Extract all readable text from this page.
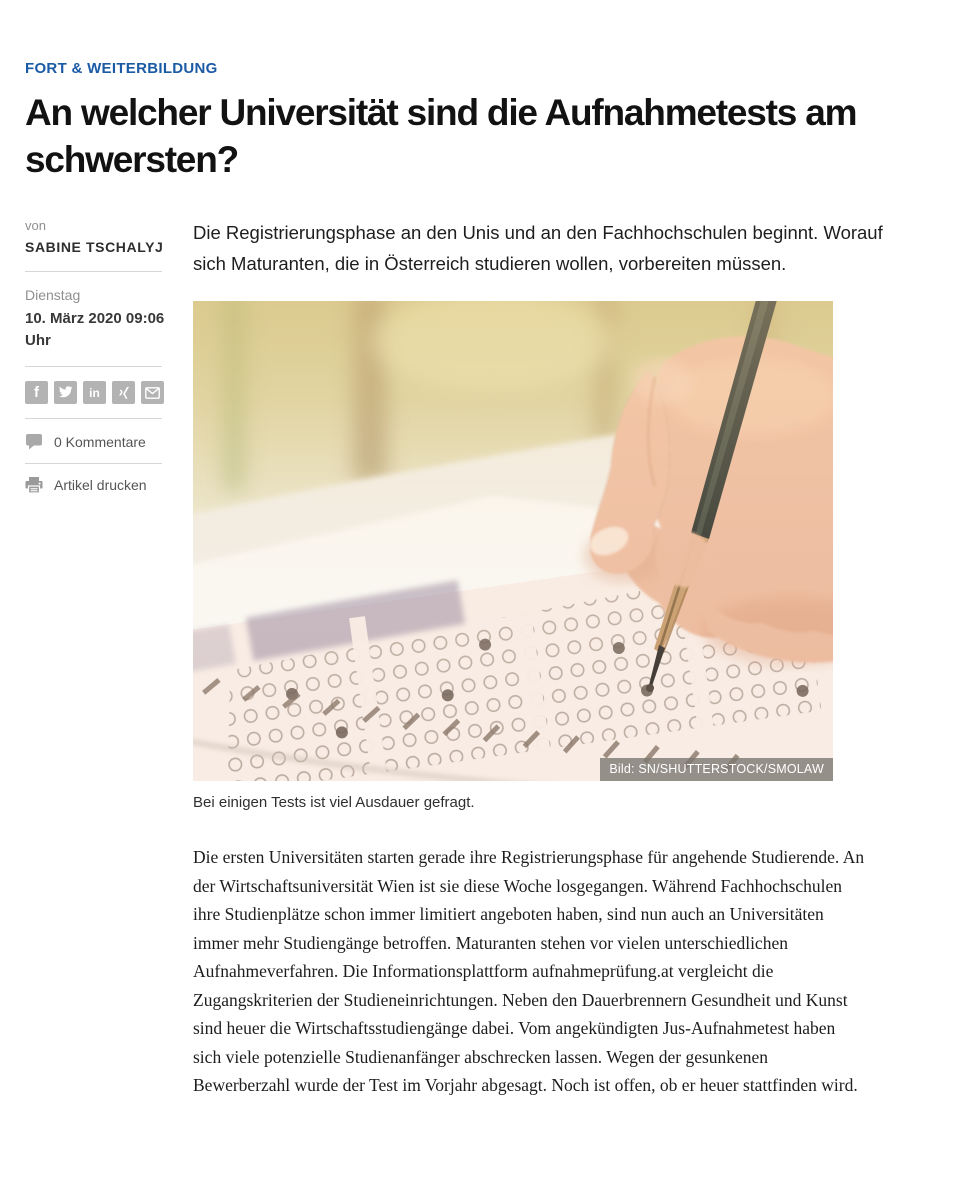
FORT & WEITERBILDUNG
An welcher Universität sind die Aufnahmetests am schwersten?
von
SABINE TSCHALYJ
Dienstag
10. März 2020 09:06 Uhr
f	in
0 Kommentare
Artikel drucken

Die Registrierungsphase an den Unis und an den Fachhochschulen beginnt. Worauf sich Maturanten, die in Österreich studieren wollen, vorbereiten müssen.

Bild: SN/SHUTTERSTOCK/SMOLAW
Bei einigen Tests ist viel Ausdauer gefragt.

Die ersten Universitäten starten gerade ihre Registrierungsphase für angehende Studierende. An der Wirtschaftsuniversität Wien ist sie diese Woche losgegangen. Während Fachhochschulen ihre Studienplätze schon immer limitiert angeboten haben, sind nun auch an Universitäten immer mehr Studiengänge betroffen. Maturanten stehen vor vielen unterschiedlichen Aufnahmeverfahren. Die Informationsplattform aufnahmeprüfung.at vergleicht die Zugangskriterien der Studieneinrichtungen. Neben den Dauerbrennern Gesundheit und Kunst sind heuer die Wirtschaftsstudiengänge dabei. Vom angekündigten Jus-Aufnahmetest haben sich viele potenzielle Studienanfänger abschrecken lassen. Wegen der gesunkenen Bewerberzahl wurde der Test im Vorjahr abgesagt. Noch ist offen, ob er heuer stattfinden wird.
